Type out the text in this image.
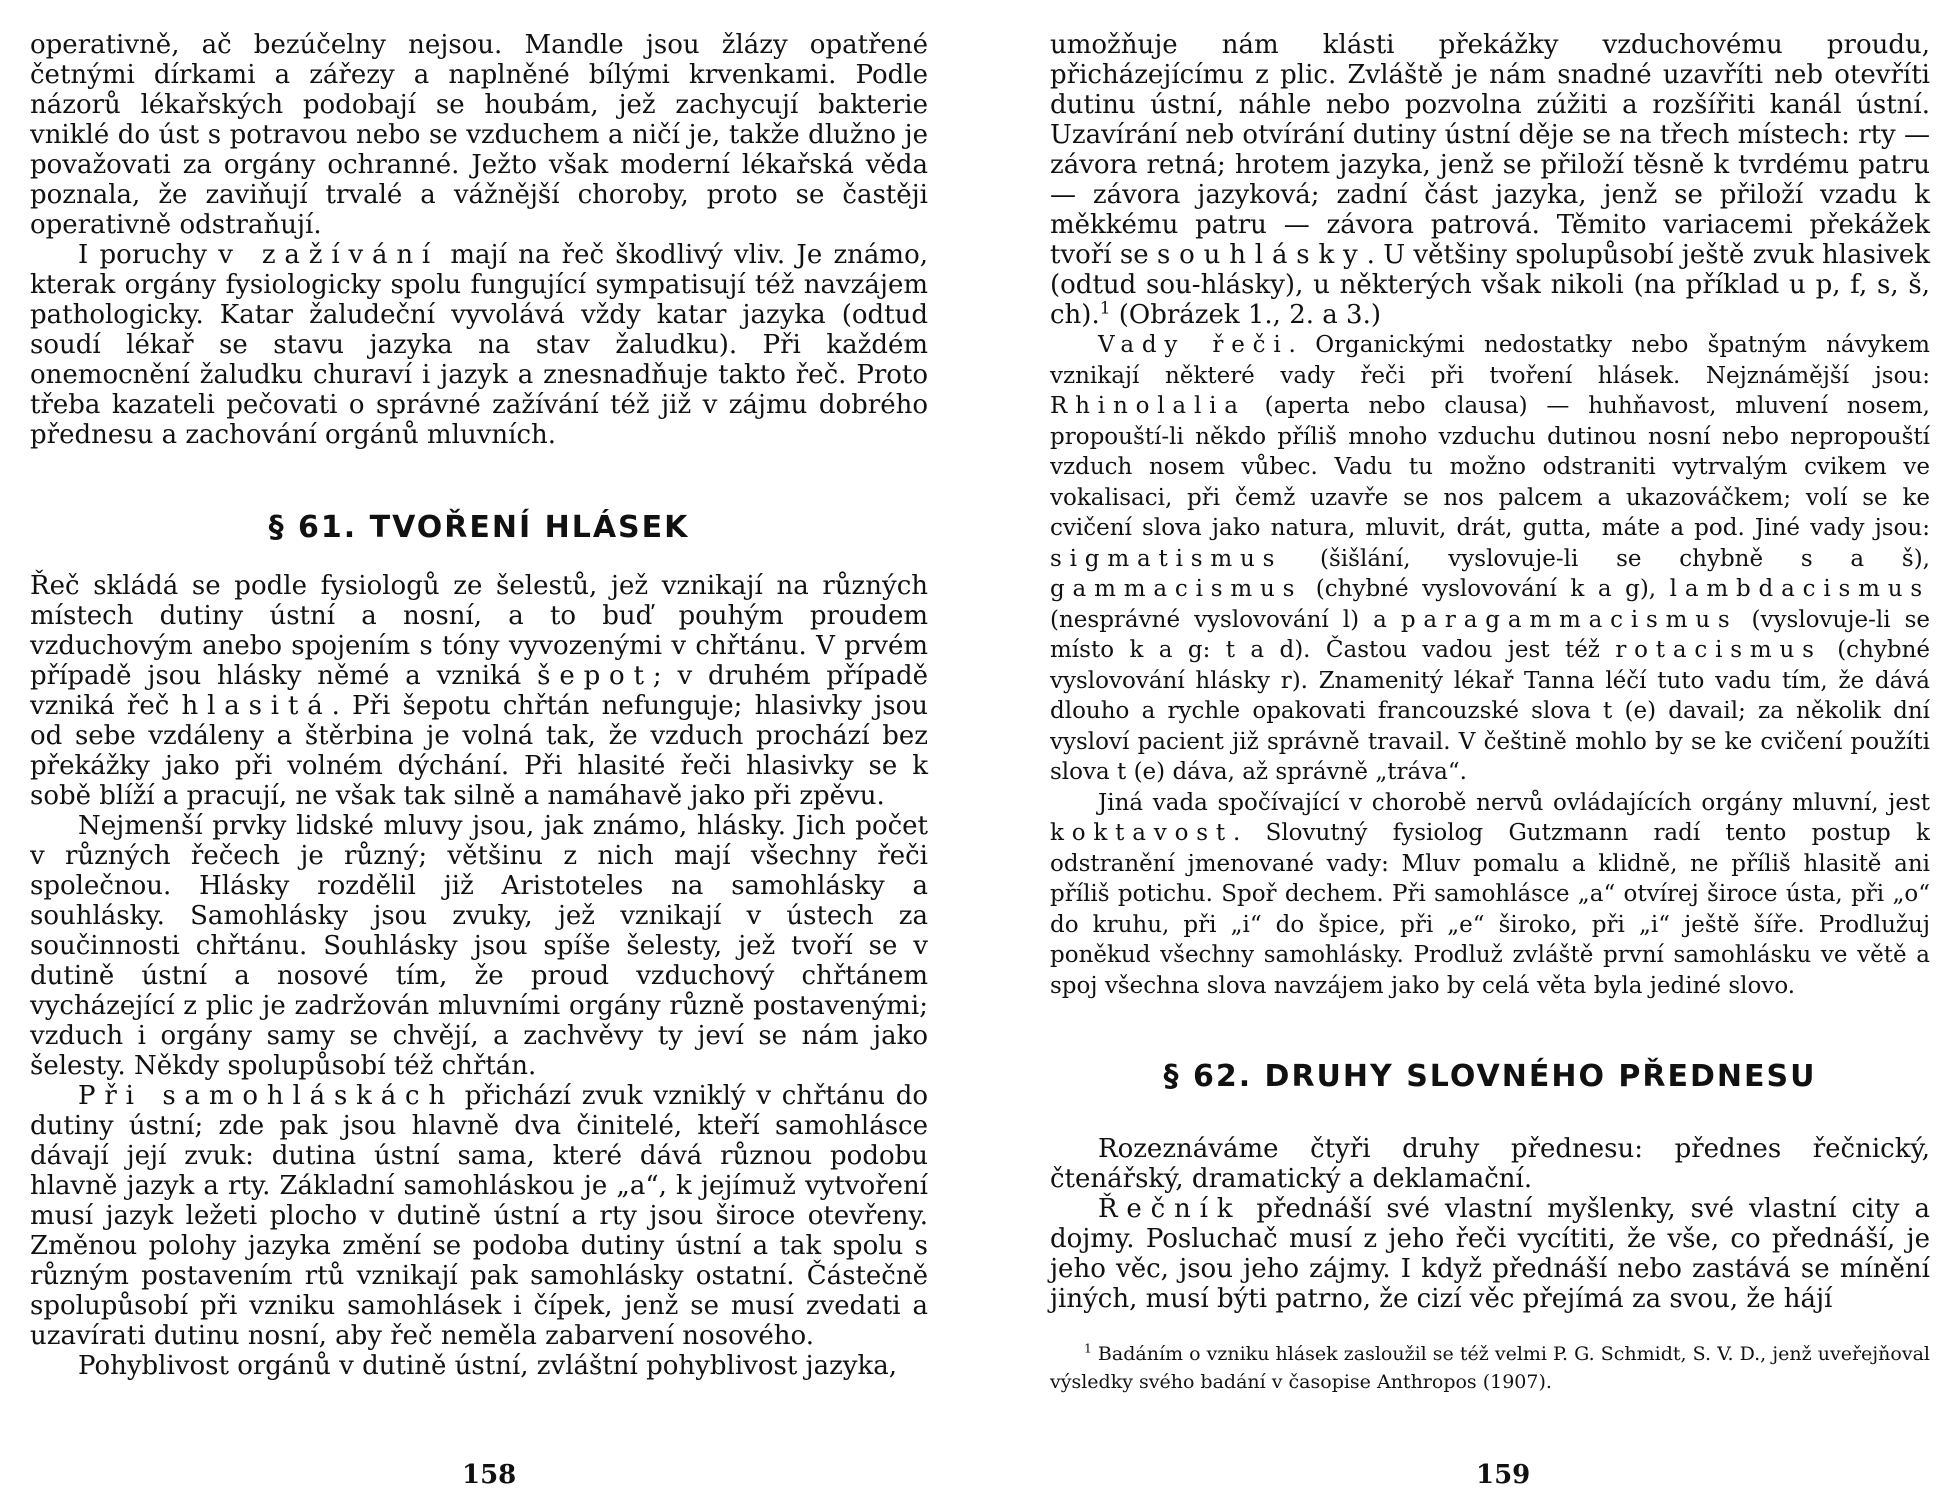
operativně, ač bezúčelny nejsou. Mandle jsou žlázy opatřené četnými dírkami a zářezy a naplněné bílými krvenkami. Podle názorů lékařských podobají se houbám, jež zachycují bakterie vniklé do úst s potravou nebo se vzduchem a ničí je, takže dlužno je považovati za orgány ochranné. Ježto však moderní lékařská věda poznala, že zaviňují trvalé a vážnější choroby, proto se častěji operativně odstraňují.

I poruchy v zažívání mají na řeč škodlivý vliv. Je známo, kterak orgány fysiologicky spolu fungující sympatisují též navzájem pathologicky. Katar žaludeční vyvolává vždy katar jazyka (odtud soudí lékař se stavu jazyka na stav žaludku). Při každém onemocnění žaludku churaví i jazyk a znesnadňuje takto řeč. Proto třeba kazateli pečovati o správné zažívání též již v zájmu dobrého přednesu a zachování orgánů mluvních.

§ 61. TVOŘENÍ HLÁSEK

Řeč skládá se podle fysiologů ze šelestů, jež vznikají na různých místech dutiny ústní a nosní, a to buď pouhým proudem vzduchovým anebo spojením s tóny vyvozenými v chřtánu. V prvém případě jsou hlásky němé a vzniká šepot; v druhém případě vzniká řeč hlasitá. Při šepotu chřtán nefunguje; hlasivky jsou od sebe vzdáleny a štěrbina je volná tak, že vzduch prochází bez překážky jako při volném dýchání. Při hlasité řeči hlasivky se k sobě blíží a pracují, ne však tak silně a namáhavě jako při zpěvu.

Nejmenší prvky lidské mluvy jsou, jak známo, hlásky. Jich počet v různých řečech je různý; většinu z nich mají všechny řeči společnou. Hlásky rozdělil již Aristoteles na samohlásky a souhlásky. Samohlásky jsou zvuky, jež vznikají v ústech za součinnosti chřtánu. Souhlásky jsou spíše šelesty, jež tvoří se v dutině ústní a nosové tím, že proud vzduchový chřtánem vycházející z plic je zadržován mluvními orgány různě postavenými; vzduch i orgány samy se chvějí, a zachvěvy ty jeví se nám jako šelesty. Někdy spolupůsobí též chřtán.

Při samohláskách přichází zvuk vzniklý v chřtánu do dutiny ústní; zde pak jsou hlavně dva činitelé, kteří samohlásce dávají její zvuk: dutina ústní sama, které dává různou podobu hlavně jazyk a rty. Základní samohláskou je „a“, k jejímuž vytvoření musí jazyk ležeti plocho v dutině ústní a rty jsou široce otevřeny. Změnou polohy jazyka změní se podoba dutiny ústní a tak spolu s různým postavením rtů vznikají pak samohlásky ostatní. Částečně spolupůsobí při vzniku samohlásek i čípek, jenž se musí zvedati a uzavírati dutinu nosní, aby řeč neměla zabarvení nosového.

Pohyblivost orgánů v dutině ústní, zvláštní pohyblivost jazyka,

158

umožňuje nám klásti překážky vzduchovému proudu, přicházejícímu z plic. Zvláště je nám snadné uzavříti neb otevříti dutinu ústní, náhle nebo pozvolna zúžiti a rozšířiti kanál ústní. Uzavírání neb otvírání dutiny ústní děje se na třech místech: rty — závora retná; hrotem jazyka, jenž se přiloží těsně k tvrdému patru — závora jazyková; zadní část jazyka, jenž se přiloží vzadu k měkkému patru — závora patrová. Těmito variacemi překážek tvoří se souhlásky. U většiny spolupůsobí ještě zvuk hlasivek (odtud sou-hlásky), u některých však nikoli (na příklad u p, f, s, š, ch).$^1$ (Obrázek 1., 2. a 3.)

Vady řeči. Organickými nedostatky nebo špatným návykem vznikají některé vady řeči při tvoření hlásek. Nejznámější jsou: Rhinolalia (aperta nebo clausa) — huhňavost, mluvení nosem, propouští-li někdo příliš mnoho vzduchu dutinou nosní nebo nepropouští vzduch nosem vůbec. Vadu tu možno odstraniti vytrvalým cvikem ve vokalisaci, při čemž uzavře se nos palcem a ukazováčkem; volí se ke cvičení slova jako natura, mluvit, drát, gutta, máte a pod. Jiné vady jsou: sigmatismus (šišlání, vyslovuje-li se chybně s a š), gammacismus (chybné vyslovování k a g), lambdacismus (nesprávné vyslovování l) a paragammacismus (vyslovuje-li se místo k a g: t a d). Častou vadou jest též rotacismus (chybné vyslovování hlásky r). Znamenitý lékař Tanna léčí tuto vadu tím, že dává dlouho a rychle opakovati francouzské slova t (e) davail; za několik dní vysloví pacient již správně travail. V češtině mohlo by se ke cvičení použíti slova t (e) dáva, až správně „tráva“.

Jiná vada spočívající v chorobě nervů ovládajících orgány mluvní, jest koktavost. Slovutný fysiolog Gutzmann radí tento postup k odstranění jmenované vady: Mluv pomalu a klidně, ne příliš hlasitě ani příliš potichu. Spoř dechem. Při samohlásce „a“ otvírej široce ústa, při „o“ do kruhu, při „i“ do špice, při „e“ široko, při „i“ ještě šíře. Prodlužuj poněkud všechny samohlásky. Prodluž zvláště první samohlásku ve větě a spoj všechna slova navzájem jako by celá věta byla jediné slovo.

§ 62. DRUHY SLOVNÉHO PŘEDNESU

Rozeznáváme čtyři druhy přednesu: přednes řečnický, čtenářský, dramatický a deklamační.

Řečník přednáší své vlastní myšlenky, své vlastní city a dojmy. Posluchač musí z jeho řeči vycítiti, že vše, co přednáší, je jeho věc, jsou jeho zájmy. I když přednáší nebo zastává se mínění jiných, musí býti patrno, že cizí věc přejímá za svou, že hájí

$^1$ Badáním o vzniku hlásek zasloužil se též velmi P. G. Schmidt, S. V. D., jenž uveřejňoval výsledky svého badání v časopise Anthropos (1907).

159
